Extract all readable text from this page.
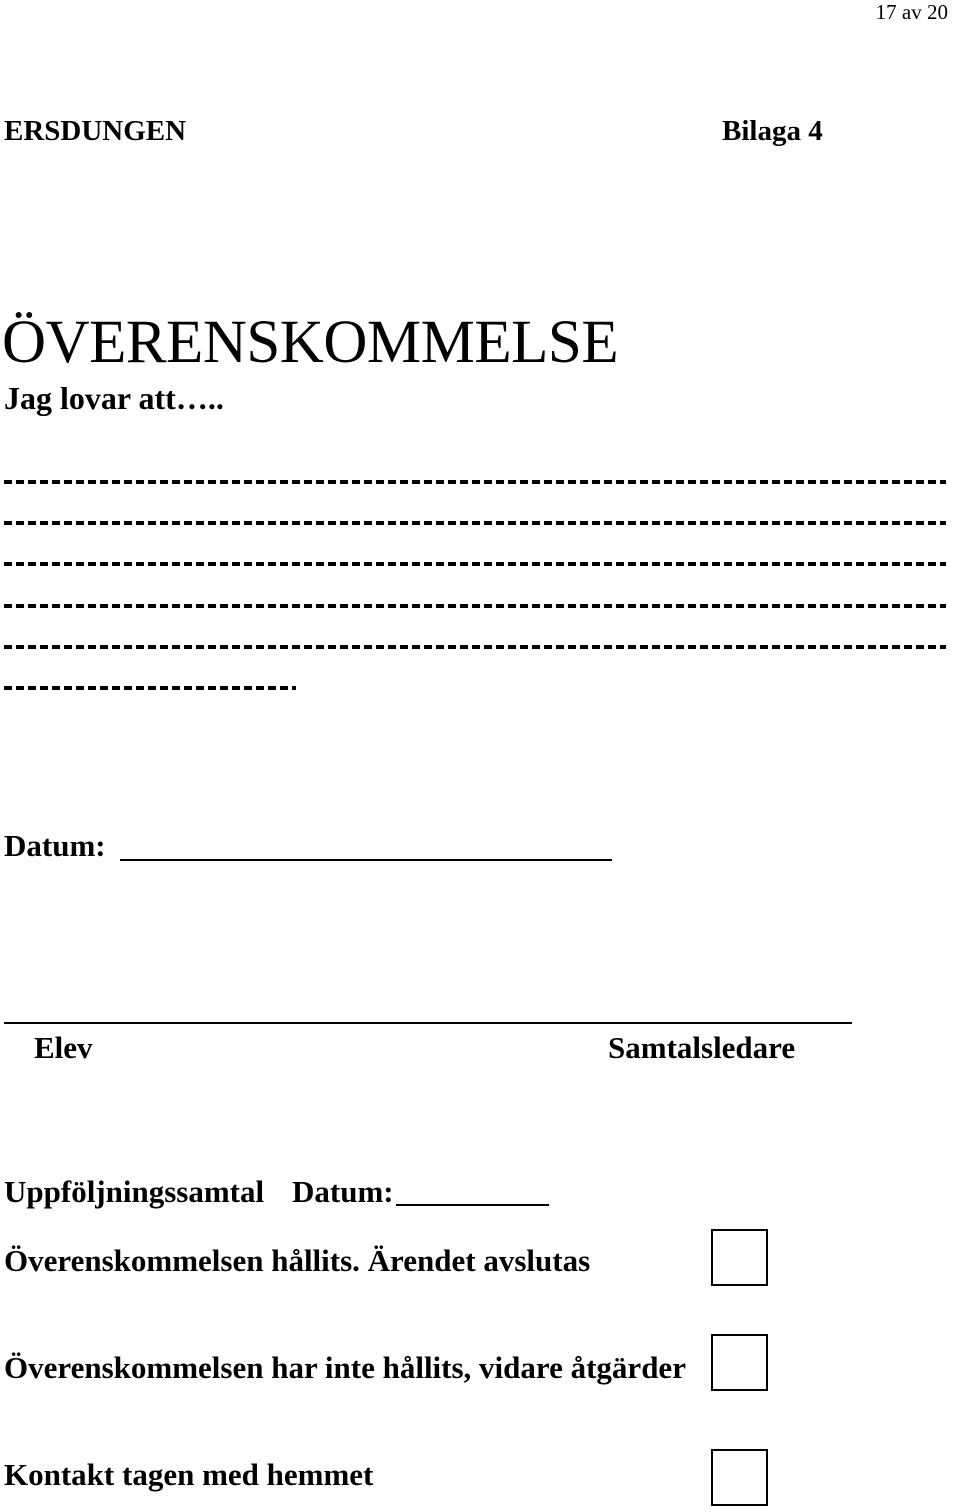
17 av 20
ERSDUNGEN	Bilaga 4
ÖVERENSKOMMELSE
Jag lovar att…..
Datum:
Elev	Samtalsledare
Uppföljningssamtal Datum:
Överenskommelsen hållits. Ärendet avslutas
Överenskommelsen har inte hållits, vidare åtgärder
Kontakt tagen med hemmet
